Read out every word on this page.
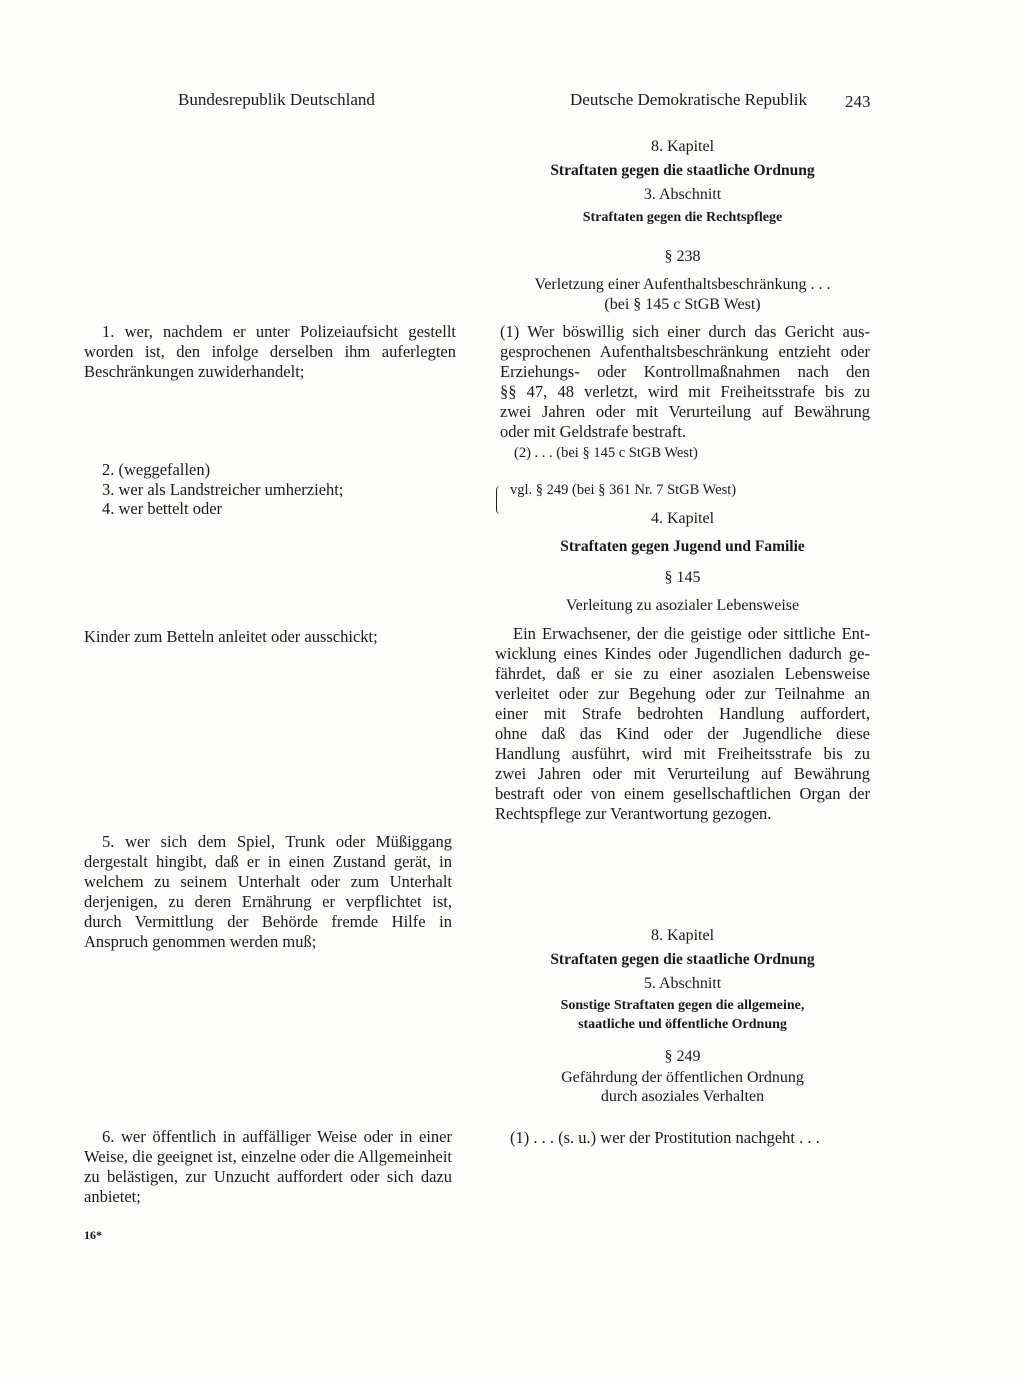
Bundesrepublik Deutschland	Deutsche Demokratische Republik 243
1. wer, nachdem er unter Polizeiaufsicht gestellt worden ist, den infolge derselben ihm auferlegten Beschränkungen zuwiderhandelt;
2. (weggefallen)
3. wer als Landstreicher umherzieht;
4. wer bettelt oder
Kinder zum Betteln anleitet oder ausschickt;
5. wer sich dem Spiel, Trunk oder Müßiggang dergestalt hingibt, daß er in einen Zustand gerät, in welchem zu seinem Unterhalt oder zum Unterhalt derjenigen, zu deren Ernährung er verpflichtet ist, durch Vermittlung der Behörde fremde Hilfe in Anspruch genommen werden muß;
6. wer öffentlich in auffälliger Weise oder in einer Weise, die geeignet ist, einzelne oder die Allgemeinheit zu belästigen, zur Unzucht auffordert oder sich dazu anbietet;
16*
8. Kapitel
Straftaten gegen die staatliche Ordnung
3. Abschnitt
Straftaten gegen die Rechtspflege
§ 238
Verletzung einer Aufenthaltsbeschränkung . . .
(bei § 145 c StGB West)
(1) Wer böswillig sich einer durch das Gericht aus-
gesprochenen Aufenthaltsbeschränkung entzieht oder
Erziehungs- oder Kontrollmaßnahmen nach den
§§ 47, 48 verletzt, wird mit Freiheitsstrafe bis zu
zwei Jahren oder mit Verurteilung auf Bewährung
oder mit Geldstrafe bestraft.
(2) . . . (bei § 145 c StGB West)
vgl. § 249 (bei § 361 Nr. 7 StGB West)
4. Kapitel
Straftaten gegen Jugend und Familie
§ 145
Verleitung zu asozialer Lebensweise
Ein Erwachsener, der die geistige oder sittliche Ent-
wicklung eines Kindes oder Jugendlichen dadurch ge-
fährdet, daß er sie zu einer asozialen Lebensweise
verleitet oder zur Begehung oder zur Teilnahme an
einer mit Strafe bedrohten Handlung auffordert,
ohne daß das Kind oder der Jugendliche diese
Handlung ausführt, wird mit Freiheitsstrafe bis zu
zwei Jahren oder mit Verurteilung auf Bewährung
bestraft oder von einem gesellschaftlichen Organ der
Rechtspflege zur Verantwortung gezogen.
8. Kapitel
Straftaten gegen die staatliche Ordnung
5. Abschnitt
Sonstige Straftaten gegen die allgemeine,
staatliche und öffentliche Ordnung
§ 249
Gefährdung der öffentlichen Ordnung
durch asoziales Verhalten
(1) . . . (s. u.) wer der Prostitution nachgeht . . .
